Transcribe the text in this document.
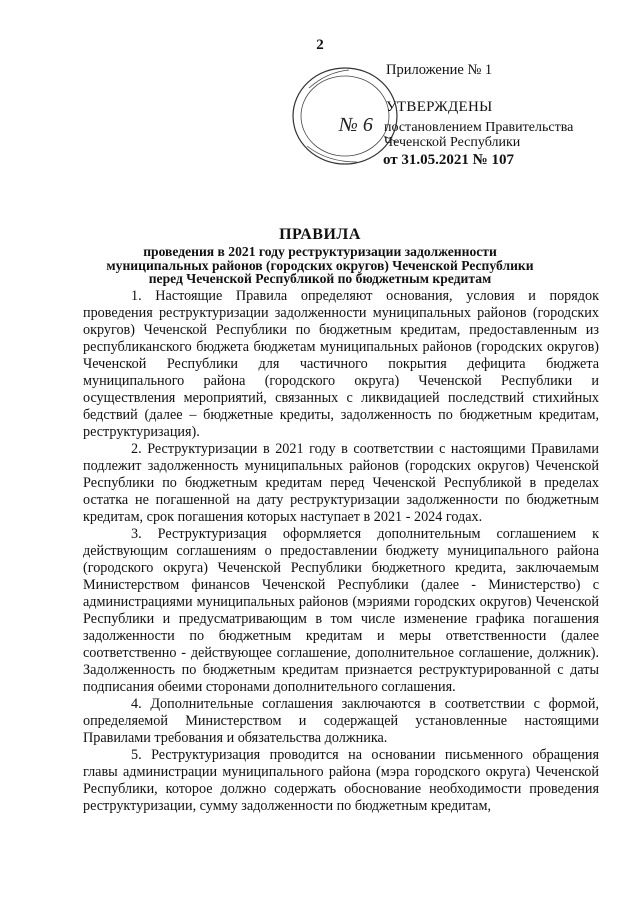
2
№ 6
Приложение № 1
УТВЕРЖДЕНЫ
постановлением Правительства
Чеченской Республики
от 31.05.2021 № 107
ПРАВИЛА
проведения в 2021 году реструктуризации задолженности
муниципальных районов (городских округов) Чеченской Республики
перед Чеченской Республикой по бюджетным кредитам

1. Настоящие Правила определяют основания, условия и порядок проведения реструктуризации задолженности муниципальных районов (городских округов) Чеченской Республики по бюджетным кредитам, предоставленным из республиканского бюджета бюджетам муниципальных районов (городских округов) Чеченской Республики для частичного покрытия дефицита бюджета муниципального района (городского округа) Чеченской Республики и осуществления мероприятий, связанных с ликвидацией последствий стихийных бедствий (далее – бюджетные кредиты, задолженность по бюджетным кредитам, реструктуризация).

2. Реструктуризации в 2021 году в соответствии с настоящими Правилами подлежит задолженность муниципальных районов (городских округов) Чеченской Республики по бюджетным кредитам перед Чеченской Республикой в пределах остатка не погашенной на дату реструктуризации задолженности по бюджетным кредитам, срок погашения которых наступает в 2021 - 2024 годах.

3. Реструктуризация оформляется дополнительным соглашением к действующим соглашениям о предоставлении бюджету муниципального района (городского округа) Чеченской Республики бюджетного кредита, заключаемым Министерством финансов Чеченской Республики (далее - Министерство) с администрациями муниципальных районов (мэриями городских округов) Чеченской Республики и предусматривающим в том числе изменение графика погашения задолженности по бюджетным кредитам и меры ответственности (далее соответственно - действующее соглашение, дополнительное соглашение, должник). Задолженность по бюджетным кредитам признается реструктурированной с даты подписания обеими сторонами дополнительного соглашения.

4. Дополнительные соглашения заключаются в соответствии с формой, определяемой Министерством и содержащей установленные настоящими Правилами требования и обязательства должника.

5. Реструктуризация проводится на основании письменного обращения главы администрации муниципального района (мэра городского округа) Чеченской Республики, которое должно содержать обоснование необходимости проведения реструктуризации, сумму задолженности по бюджетным кредитам,
